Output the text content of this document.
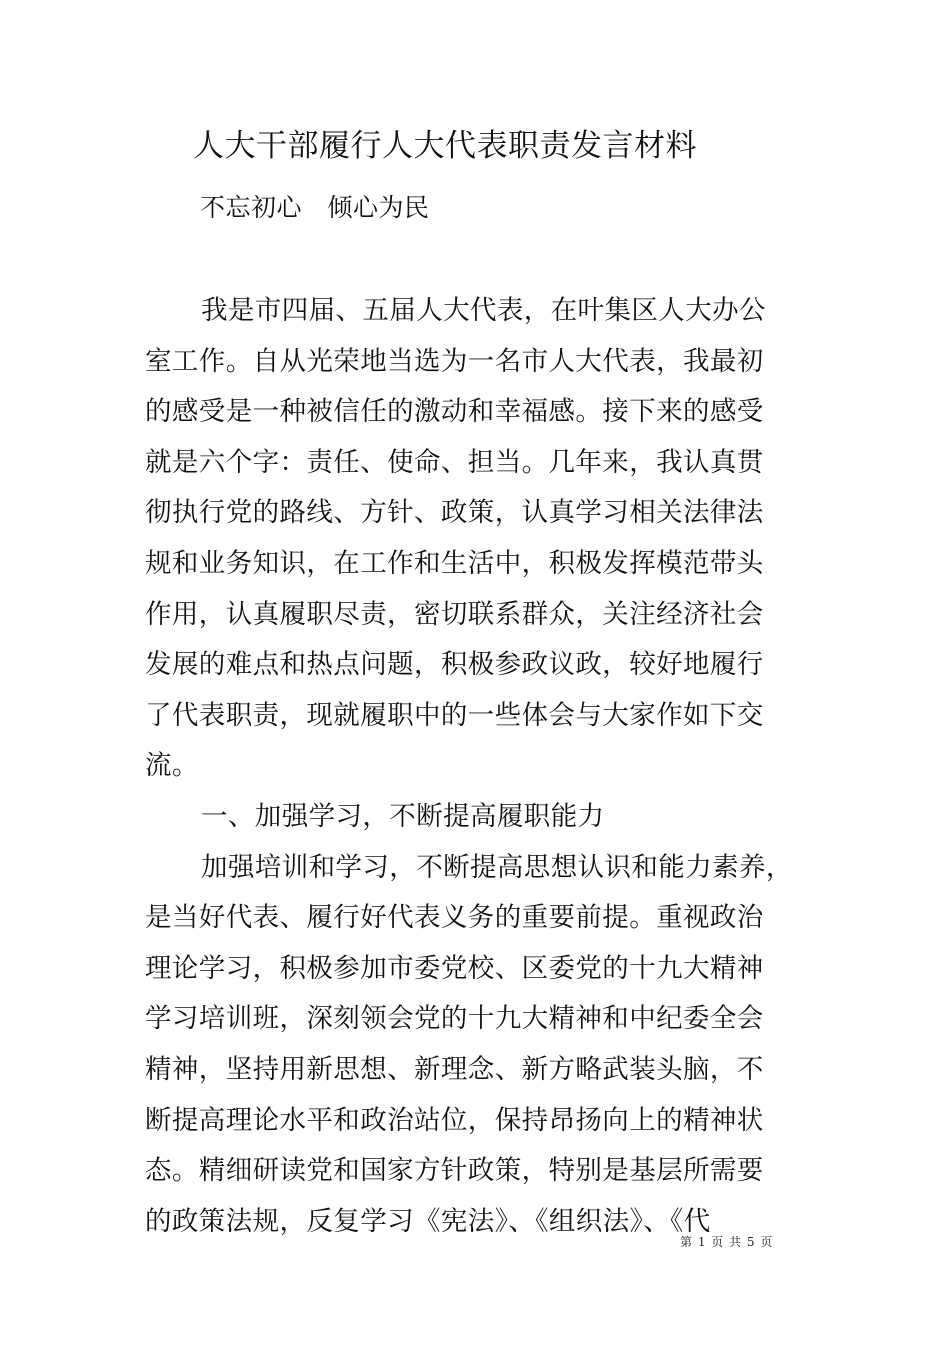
人大干部履行人大代表职责发言材料
不忘初心　倾心为民
我是市四届、五届人大代表，在叶集区人大办公
室工作。自从光荣地当选为一名市人大代表，我最初
的感受是一种被信任的激动和幸福感。接下来的感受
就是六个字：责任、使命、担当。几年来，我认真贯
彻执行党的路线、方针、政策，认真学习相关法律法
规和业务知识，在工作和生活中，积极发挥模范带头
作用，认真履职尽责，密切联系群众，关注经济社会
发展的难点和热点问题，积极参政议政，较好地履行
了代表职责，现就履职中的一些体会与大家作如下交
流。
一、加强学习，不断提高履职能力
加强培训和学习，不断提高思想认识和能力素养，
是当好代表、履行好代表义务的重要前提。重视政治
理论学习，积极参加市委党校、区委党的十九大精神
学习培训班，深刻领会党的十九大精神和中纪委全会
精神，坚持用新思想、新理念、新方略武装头脑，不
断提高理论水平和政治站位，保持昂扬向上的精神状
态。精细研读党和国家方针政策，特别是基层所需要
的政策法规，反复学习《宪法》、《组织法》、《代
第 1 页 共 5 页
